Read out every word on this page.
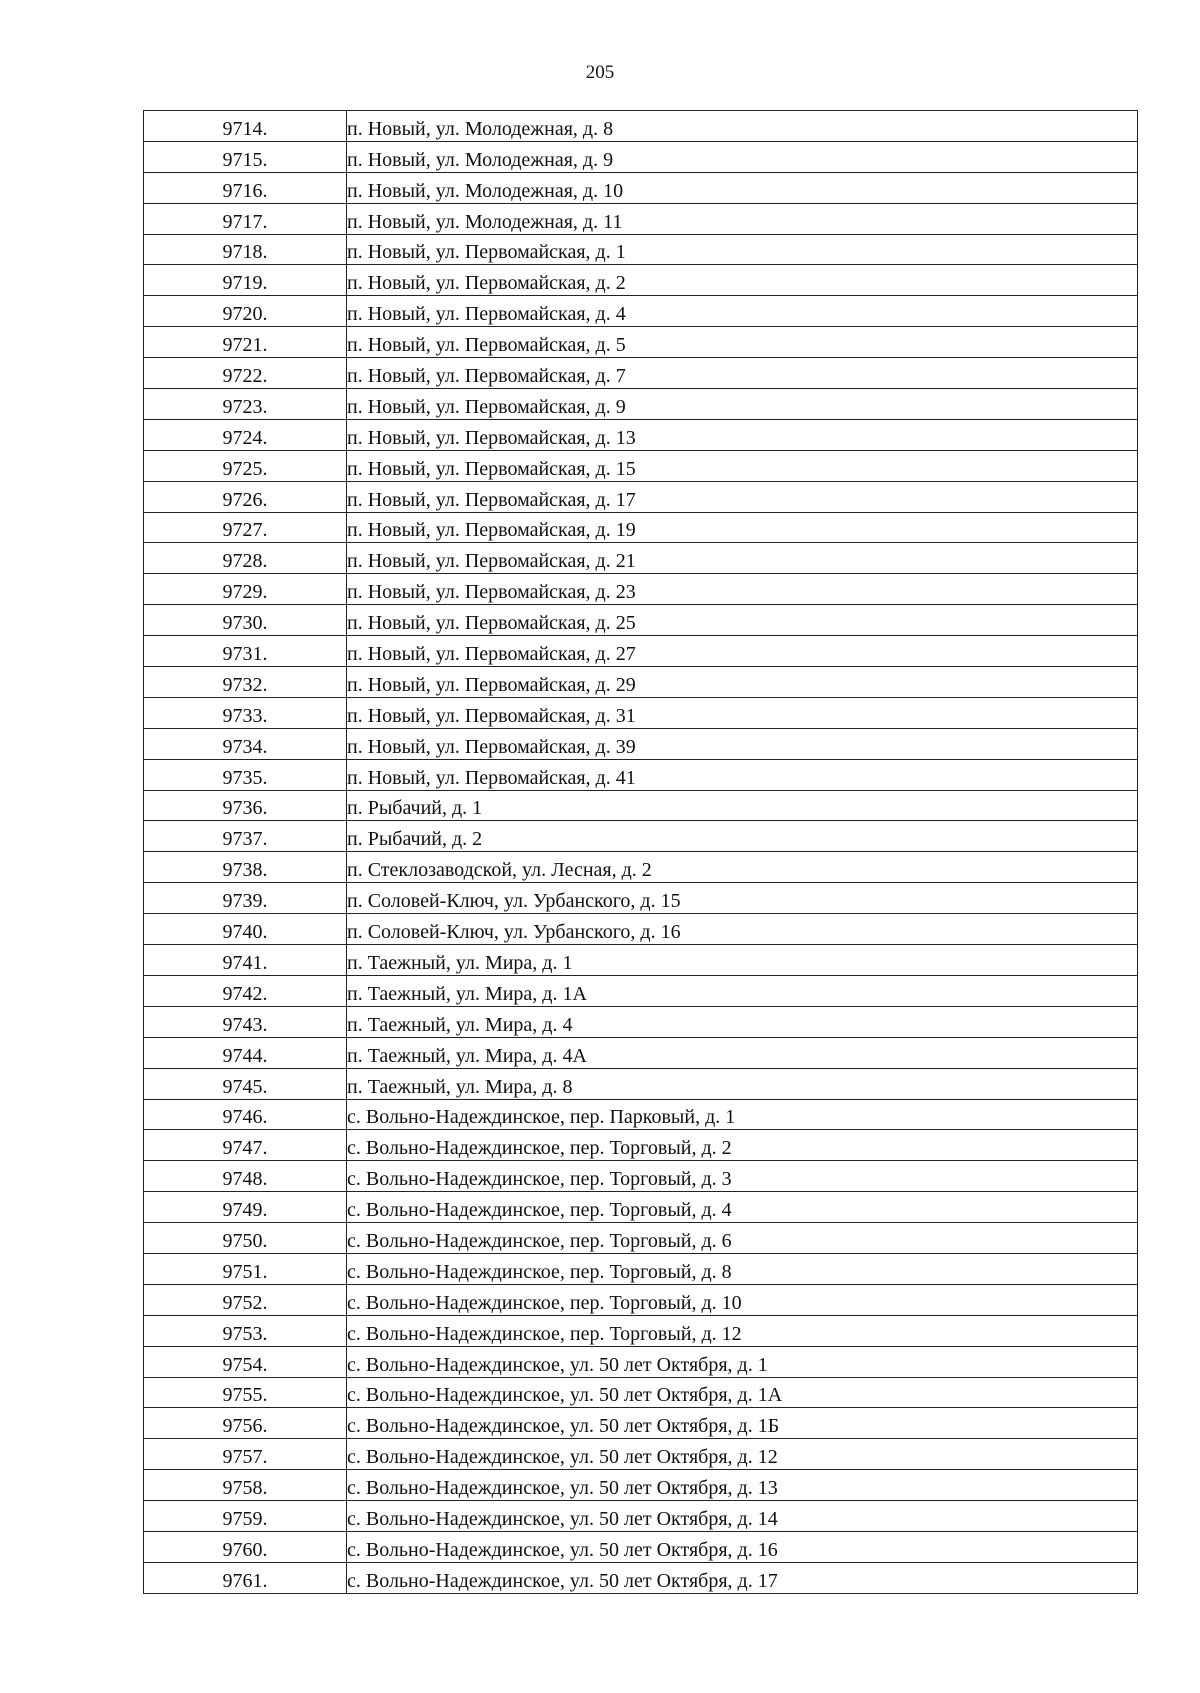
205
9714.	п. Новый, ул. Молодежная, д. 8
9715.	п. Новый, ул. Молодежная, д. 9
9716.	п. Новый, ул. Молодежная, д. 10
9717.	п. Новый, ул. Молодежная, д. 11
9718.	п. Новый, ул. Первомайская, д. 1
9719.	п. Новый, ул. Первомайская, д. 2
9720.	п. Новый, ул. Первомайская, д. 4
9721.	п. Новый, ул. Первомайская, д. 5
9722.	п. Новый, ул. Первомайская, д. 7
9723.	п. Новый, ул. Первомайская, д. 9
9724.	п. Новый, ул. Первомайская, д. 13
9725.	п. Новый, ул. Первомайская, д. 15
9726.	п. Новый, ул. Первомайская, д. 17
9727.	п. Новый, ул. Первомайская, д. 19
9728.	п. Новый, ул. Первомайская, д. 21
9729.	п. Новый, ул. Первомайская, д. 23
9730.	п. Новый, ул. Первомайская, д. 25
9731.	п. Новый, ул. Первомайская, д. 27
9732.	п. Новый, ул. Первомайская, д. 29
9733.	п. Новый, ул. Первомайская, д. 31
9734.	п. Новый, ул. Первомайская, д. 39
9735.	п. Новый, ул. Первомайская, д. 41
9736.	п. Рыбачий, д. 1
9737.	п. Рыбачий, д. 2
9738.	п. Стеклозаводской, ул. Лесная, д. 2
9739.	п. Соловей-Ключ, ул. Урбанского, д. 15
9740.	п. Соловей-Ключ, ул. Урбанского, д. 16
9741.	п. Таежный, ул. Мира, д. 1
9742.	п. Таежный, ул. Мира, д. 1А
9743.	п. Таежный, ул. Мира, д. 4
9744.	п. Таежный, ул. Мира, д. 4А
9745.	п. Таежный, ул. Мира, д. 8
9746.	с. Вольно-Надеждинское, пер. Парковый, д. 1
9747.	с. Вольно-Надеждинское, пер. Торговый, д. 2
9748.	с. Вольно-Надеждинское, пер. Торговый, д. 3
9749.	с. Вольно-Надеждинское, пер. Торговый, д. 4
9750.	с. Вольно-Надеждинское, пер. Торговый, д. 6
9751.	с. Вольно-Надеждинское, пер. Торговый, д. 8
9752.	с. Вольно-Надеждинское, пер. Торговый, д. 10
9753.	с. Вольно-Надеждинское, пер. Торговый, д. 12
9754.	с. Вольно-Надеждинское, ул. 50 лет Октября, д. 1
9755.	с. Вольно-Надеждинское, ул. 50 лет Октября, д. 1А
9756.	с. Вольно-Надеждинское, ул. 50 лет Октября, д. 1Б
9757.	с. Вольно-Надеждинское, ул. 50 лет Октября, д. 12
9758.	с. Вольно-Надеждинское, ул. 50 лет Октября, д. 13
9759.	с. Вольно-Надеждинское, ул. 50 лет Октября, д. 14
9760.	с. Вольно-Надеждинское, ул. 50 лет Октября, д. 16
9761.	с. Вольно-Надеждинское, ул. 50 лет Октября, д. 17
